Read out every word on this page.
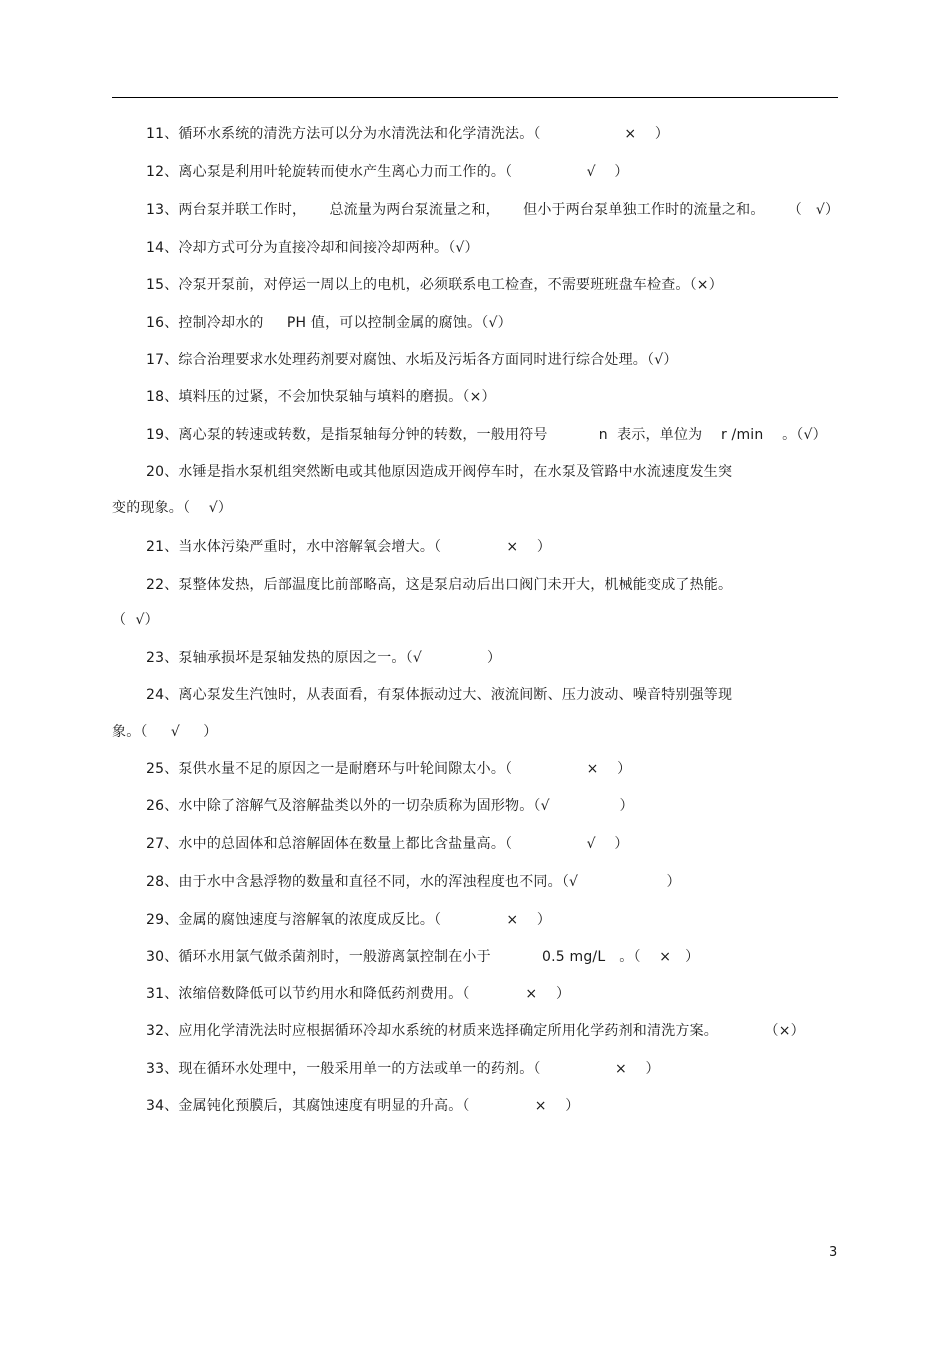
11、循环水系统的清洗方法可以分为水清洗法和化学清洗法。（                  ×    ）
12、离心泵是利用叶轮旋转而使水产生离心力而工作的。（                √    ）
13、两台泵并联工作时，     总流量为两台泵流量之和，     但小于两台泵单独工作时的流量之和。     （   √）
14、冷却方式可分为直接冷却和间接冷却两种。（√）
15、冷泵开泵前，对停运一周以上的电机，必须联系电工检查，不需要班班盘车检查。（×）
16、控制冷却水的     PH 值，可以控制金属的腐蚀。（√）
17、综合治理要求水处理药剂要对腐蚀、水垢及污垢各方面同时进行综合处理。（√）
18、填料压的过紧，不会加快泵轴与填料的磨损。（×）
19、离心泵的转速或转数，是指泵轴每分钟的转数，一般用符号           n  表示，单位为    r /min    。（√）
20、水锤是指水泵机组突然断电或其他原因造成开阀停车时，在水泵及管路中水流速度发生突
变的现象。（    √）
21、当水体污染严重时，水中溶解氧会增大。（              ×    ）
22、泵整体发热，后部温度比前部略高，这是泵启动后出口阀门未开大，机械能变成了热能。
（  √）
23、泵轴承损坏是泵轴发热的原因之一。（√              ）
24、离心泵发生汽蚀时，从表面看，有泵体振动过大、液流间断、压力波动、噪音特别强等现
象。（     √     ）
25、泵供水量不足的原因之一是耐磨环与叶轮间隙太小。（                ×    ）
26、水中除了溶解气及溶解盐类以外的一切杂质称为固形物。（√               ）
27、水中的总固体和总溶解固体在数量上都比含盐量高。（                √    ）
28、由于水中含悬浮物的数量和直径不同，水的浑浊程度也不同。（√                   ）
29、金属的腐蚀速度与溶解氧的浓度成反比。（              ×    ）
30、循环水用氯气做杀菌剂时，一般游离氯控制在小于           0.5 mg/L   。（    ×   ）
31、浓缩倍数降低可以节约用水和降低药剂费用。（            ×    ）
32、应用化学清洗法时应根据循环冷却水系统的材质来选择确定所用化学药剂和清洗方案。          （×）
33、现在循环水处理中，一般采用单一的方法或单一的药剂。（                ×    ）
34、金属钝化预膜后，其腐蚀速度有明显的升高。（              ×    ）
3
